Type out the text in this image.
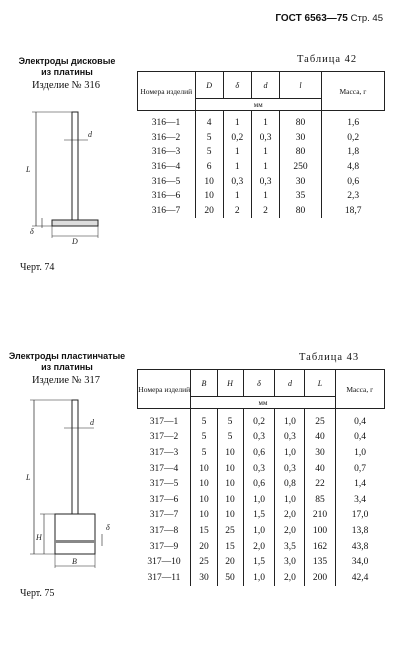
ГОСТ 6563—75 Стр. 45
Электроды дисковые
из платины
Изделие № 316
L
d
δ
D
Черт. 74
Таблица 42
Номера изделий	D	δ	d	l	Масса, г
	мм				
316—1	4	1	1	80	1,6
316—2	5	0,2	0,3	30	0,2
316—3	5	1	1	80	1,8
316—4	6	1	1	250	4,8
316—5	10	0,3	0,3	30	0,6
316—6	10	1	1	35	2,3
316—7	20	2	2	80	18,7
Электроды пластинчатые
из платины
Изделие № 317
L
d
H
δ
B
Черт. 75
Таблица 43
Номера изделий	B	H	δ	d	L	Масса, г
	мм					
317—1	5	5	0,2	1,0	25	0,4
317—2	5	5	0,3	0,3	40	0,4
317—3	5	10	0,6	1,0	30	1,0
317—4	10	10	0,3	0,3	40	0,7
317—5	10	10	0,6	0,8	22	1,4
317—6	10	10	1,0	1,0	85	3,4
317—7	10	10	1,5	2,0	210	17,0
317—8	15	25	1,0	2,0	100	13,8
317—9	20	15	2,0	3,5	162	43,8
317—10	25	20	1,5	3,0	135	34,0
317—11	30	50	1,0	2,0	200	42,4
